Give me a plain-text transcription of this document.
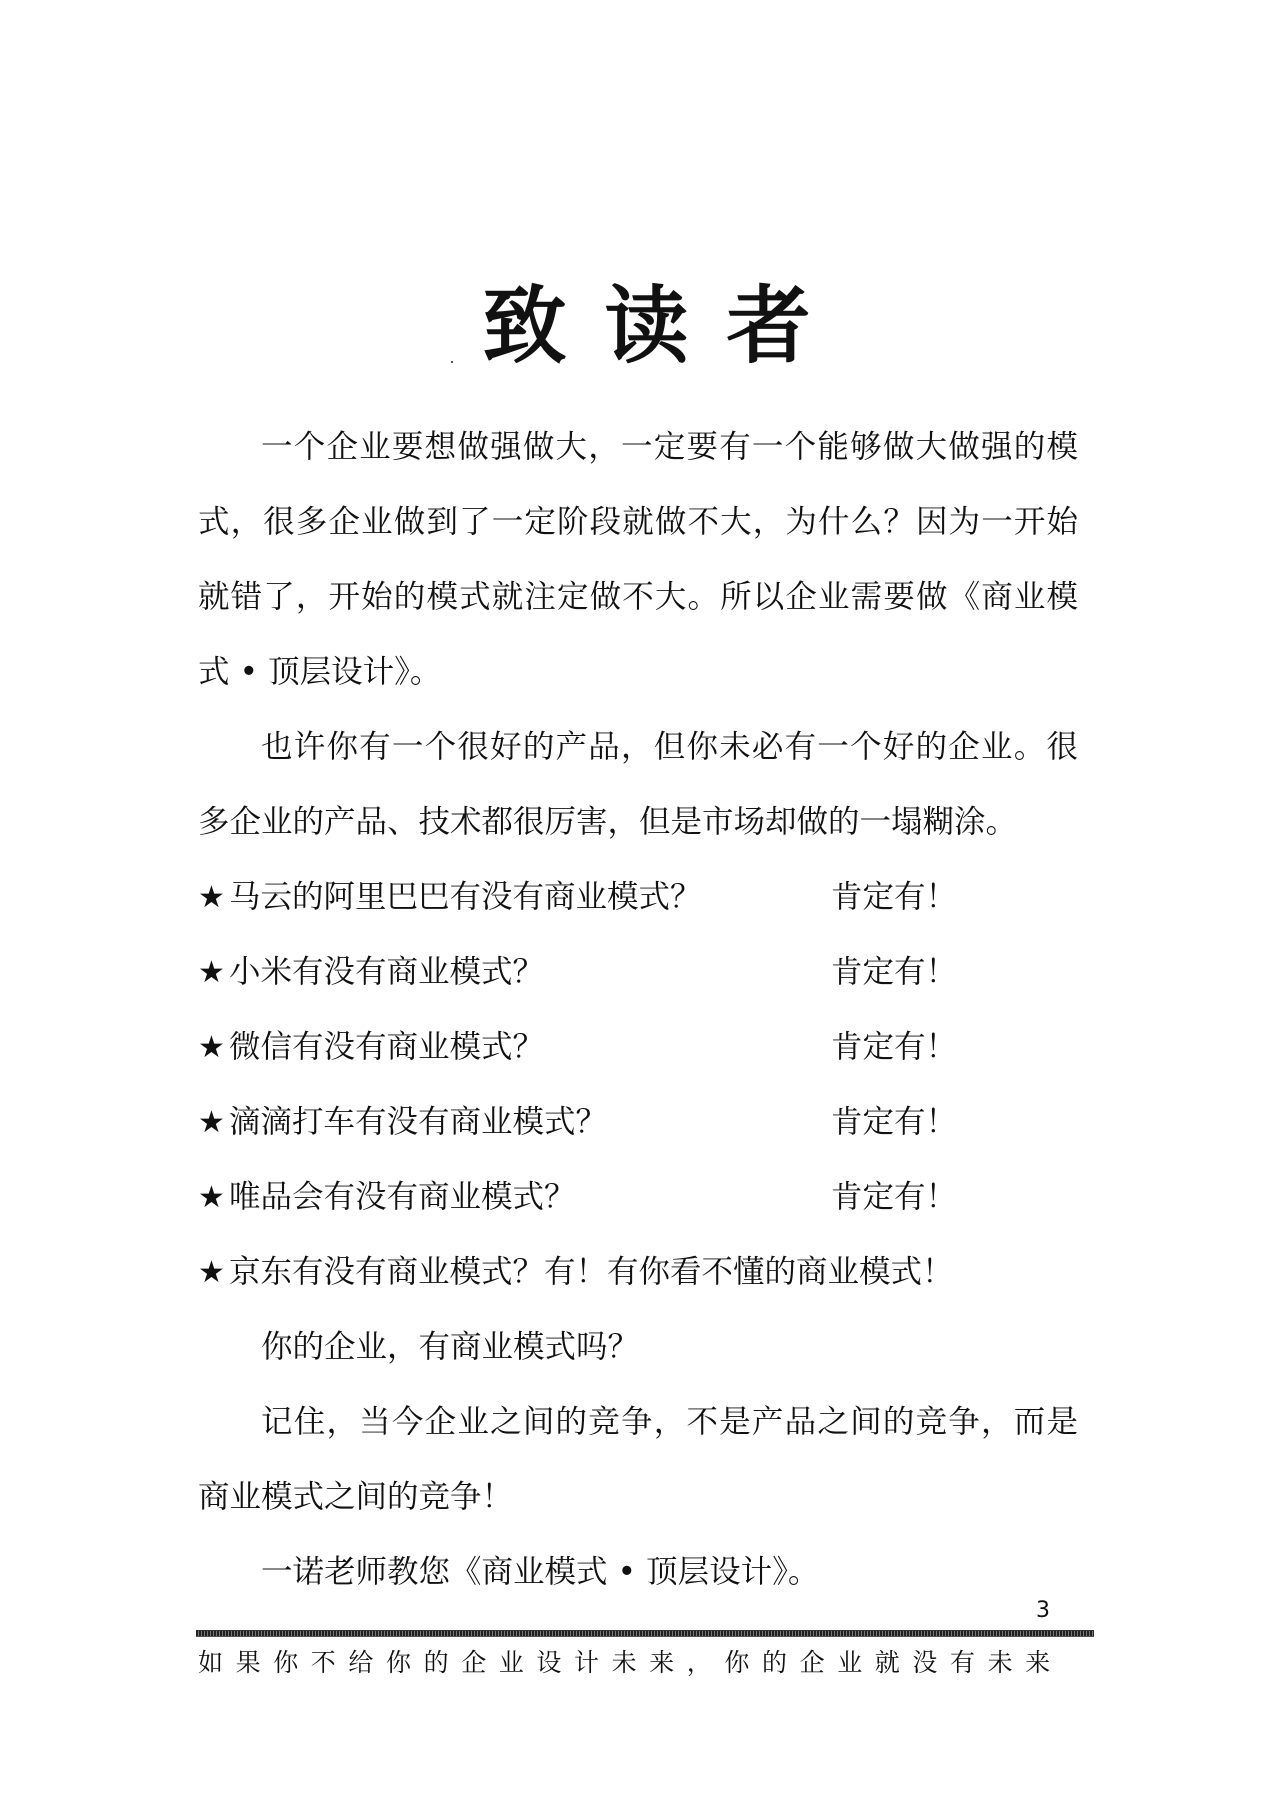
致读者

一个企业要想做强做大，一定要有一个能够做大做强的模式，很多企业做到了一定阶段就做不大，为什么？因为一开始就错了，开始的模式就注定做不大。所以企业需要做《商业模式 • 顶层设计》。

也许你有一个很好的产品，但你未必有一个好的企业。很多企业的产品、技术都很厉害，但是市场却做的一塌糊涂。

★ 马云的阿里巴巴有没有商业模式？	肯定有！
★ 小米有没有商业模式？	肯定有！
★ 微信有没有商业模式？	肯定有！
★ 滴滴打车有没有商业模式？	肯定有！
★ 唯品会有没有商业模式？	肯定有！
★ 京东有没有商业模式？有！有你看不懂的商业模式！

你的企业，有商业模式吗？

记住，当今企业之间的竞争，不是产品之间的竞争，而是商业模式之间的竞争！

一诺老师教您《商业模式 • 顶层设计》。

3
如果你不给你的企业设计未来，你的企业就没有未来
